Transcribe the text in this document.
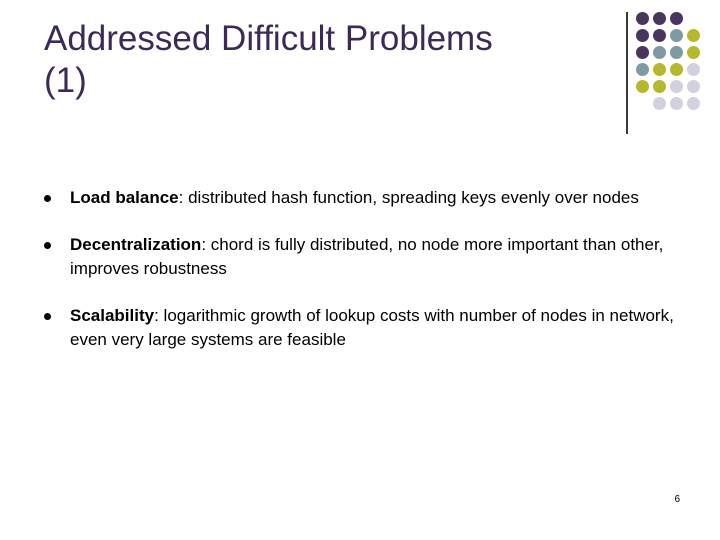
Addressed Difficult Problems
(1)
Load balance: distributed hash function, spreading keys evenly over nodes
Decentralization: chord is fully distributed, no node more important than other, improves robustness
Scalability: logarithmic growth of lookup costs with number of nodes in network, even very large systems are feasible
6
